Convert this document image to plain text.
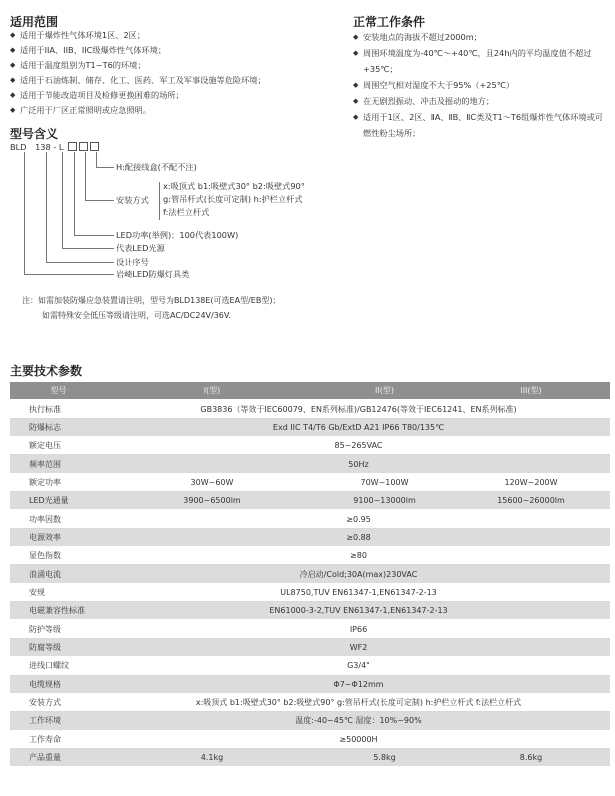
适用范围
◆ 适用于爆炸性气体环境1区、2区；
◆ 适用于IIA、IIB、IIC级爆炸性气体环境；
◆ 适用于温度组别为T1~T6的环境；
◆ 适用于石油炼制、储存、化工、医药、军工及军事设施等危险环境；
◆ 适用于节能改造项目及检修更换困难的场所；
◆ 广泛用于厂区正常照明或应急照明。
正常工作条件
◆ 安装地点的海拔不超过2000m；
◆ 周围环境温度为-40℃～+40℃，且24h内的平均温度值不超过+35℃；
◆ 周围空气相对湿度不大于95%（+25℃）
◆ 在无剧烈振动、冲击及摇动的地方；
◆ 适用于1区、2区、ⅡA、ⅡB、ⅡC类及T1～T6组爆炸性气体环境或可燃性粉尘场所；
型号含义
BLD 138 - L
H:配接线盒(不配不注)
安装方式
x:吸顶式 b1:吸壁式30° b2:吸壁式90°
g:管吊杆式(长度可定制) h:护栏立杆式
f:法栏立杆式
LED功率(举例)：100代表100W)
代表LED光源
设计序号
岩崎LED防爆灯具类
注：如需加装防爆应急装置请注明，型号为BLD138E(可选EA型/EB型)；
如需特殊安全低压等级请注明，可选AC/DC24V/36V.
主要技术参数
型号	I(型)	II(型)	III(型)
执行标准	GB3836（等效于IEC60079、EN系列标准)/GB12476(等效于IEC61241、EN系列标准)		
防爆标志	Exd IIC T4/T6 Gb/ExtD A21 IP66 T80/135℃		
额定电压	85~265VAC		
频率范围	50Hz		
额定功率	30W~60W	70W~100W	120W~200W
LED光通量	3900~6500lm	9100~13000lm	15600~26000lm
功率因数	≥0.95		
电源效率	≥0.88		
显色指数	≥80		
浪涌电流	冷启动/Cold;30A(max)230VAC		
安规	UL8750,TUV EN61347-1,EN61347-2-13		
电磁兼容性标准	EN61000-3-2,TUV EN61347-1,EN61347-2-13		
防护等级	IP66		
防腐等级	WF2		
进线口螺纹	G3/4"		
电缆规格	Φ7~Φ12mm		
安装方式	x:吸顶式 b1:吸壁式30° b2:吸壁式90° g:管吊杆式(长度可定制) h:护栏立杆式 f:法栏立杆式		
工作环境	温度:-40~45℃ 湿度：10%~90%		
工作寿命	≥50000H		
产品重量	4.1kg	5.8kg	8.6kg
